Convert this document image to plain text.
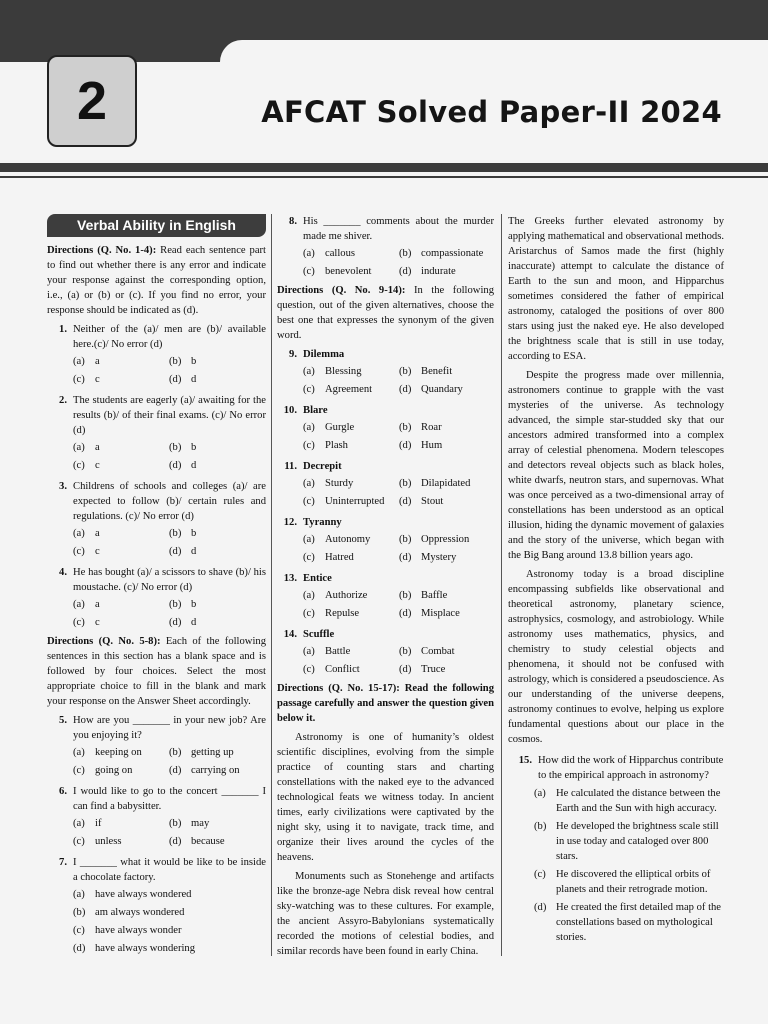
2	AFCAT Solved Paper-II 2024
Verbal Ability in English

Directions (Q. No. 1-4): Read each sentence part to find out whether there is any error and indicate your response against the corresponding option, i.e., (a) or (b) or (c). If you find no error, your response should be indicated as (d).

1. Neither of the (a)/ men are (b)/ available here.(c)/ No error (d)
(a) a	(b) b
(c) c	(d) d
2. The students are eagerly (a)/ awaiting for the results (b)/ of their final exams. (c)/ No error (d)
(a) a	(b) b
(c) c	(d) d
3. Childrens of schools and colleges (a)/ are expected to follow (b)/ certain rules and regulations. (c)/ No error (d)
(a) a	(b) b
(c) c	(d) d
4. He has bought (a)/ a scissors to shave (b)/ his moustache. (c)/ No error (d)
(a) a	(b) b
(c) c	(d) d

Directions (Q. No. 5-8): Each of the following sentences in this section has a blank space and is followed by four choices. Select the most appropriate choice to fill in the blank and mark your response on the Answer Sheet accordingly.

5. How are you _______ in your new job? Are you enjoying it?
(a) keeping on	(b) getting up
(c) going on	(d) carrying on
6. I would like to go to the concert _______ I can find a babysitter.
(a) if	(b) may
(c) unless	(d) because
7. I _______ what it would be like to be inside a chocolate factory.
(a) have always wondered
(b) am always wondered
(c) have always wonder
(d) have always wondering
8. His _______ comments about the murder made me shiver.
(a) callous	(b) compassionate
(c) benevolent	(d) indurate

Directions (Q. No. 9-14): In the following question, out of the given alternatives, choose the best one that expresses the synonym of the given word.

9. Dilemma
(a) Blessing	(b) Benefit
(c) Agreement	(d) Quandary
10. Blare
(a) Gurgle	(b) Roar
(c) Plash	(d) Hum
11. Decrepit
(a) Sturdy	(b) Dilapidated
(c) Uninterrupted (d) Stout
12. Tyranny
(a) Autonomy	(b) Oppression
(c) Hatred	(d) Mystery
13. Entice
(a) Authorize	(b) Baffle
(c) Repulse	(d) Misplace
14. Scuffle
(a) Battle	(b) Combat
(c) Conflict	(d) Truce

Directions (Q. No. 15-17): Read the following passage carefully and answer the question given below it.

Astronomy is one of humanity’s oldest scientific disciplines, evolving from the simple practice of counting stars and charting constellations with the naked eye to the advanced technological feats we witness today. In ancient times, early civilizations were captivated by the night sky, using it to navigate, track time, and organize their lives around the cycles of the heavens.

Monuments such as Stonehenge and artifacts like the bronze-age Nebra disk reveal how central sky-watching was to these cultures. For example, the ancient Assyro-Babylonians systematically recorded the motions of celestial bodies, and similar records have been found in early China.

The Greeks further elevated astronomy by applying mathematical and observational methods. Aristarchus of Samos made the first (highly inaccurate) attempt to calculate the distance of Earth to the sun and moon, and Hipparchus sometimes considered the father of empirical astronomy, cataloged the positions of over 800 stars using just the naked eye. He also developed the brightness scale that is still in use today, according to ESA.

Despite the progress made over millennia, astronomers continue to grapple with the vast mysteries of the universe. As technology advanced, the simple star-studded sky that our ancestors admired transformed into a complex array of celestial phenomena. Modern telescopes and detectors reveal objects such as black holes, white dwarfs, neutron stars, and supernovas. What was once perceived as a two-dimensional array of constellations has been understood as an optical illusion, hiding the dynamic movement of galaxies and the story of the universe, which began with the Big Bang around 13.8 billion years ago.

Astronomy today is a broad discipline encompassing subfields like observational and theoretical astronomy, planetary science, astrophysics, cosmology, and astrobiology. While astronomy uses mathematics, physics, and chemistry to study celestial objects and phenomena, it should not be confused with astrology, which is considered a pseudoscience. As our understanding of the universe deepens, astronomy continues to evolve, helping us explore fundamental questions about our place in the cosmos.

15. How did the work of Hipparchus contribute to the empirical approach in astronomy?
(a) He calculated the distance between the Earth and the Sun with high accuracy.
(b) He developed the brightness scale still in use today and cataloged over 800 stars.
(c) He discovered the elliptical orbits of planets and their retrograde motion.
(d) He created the first detailed map of the constellations based on mythological stories.
